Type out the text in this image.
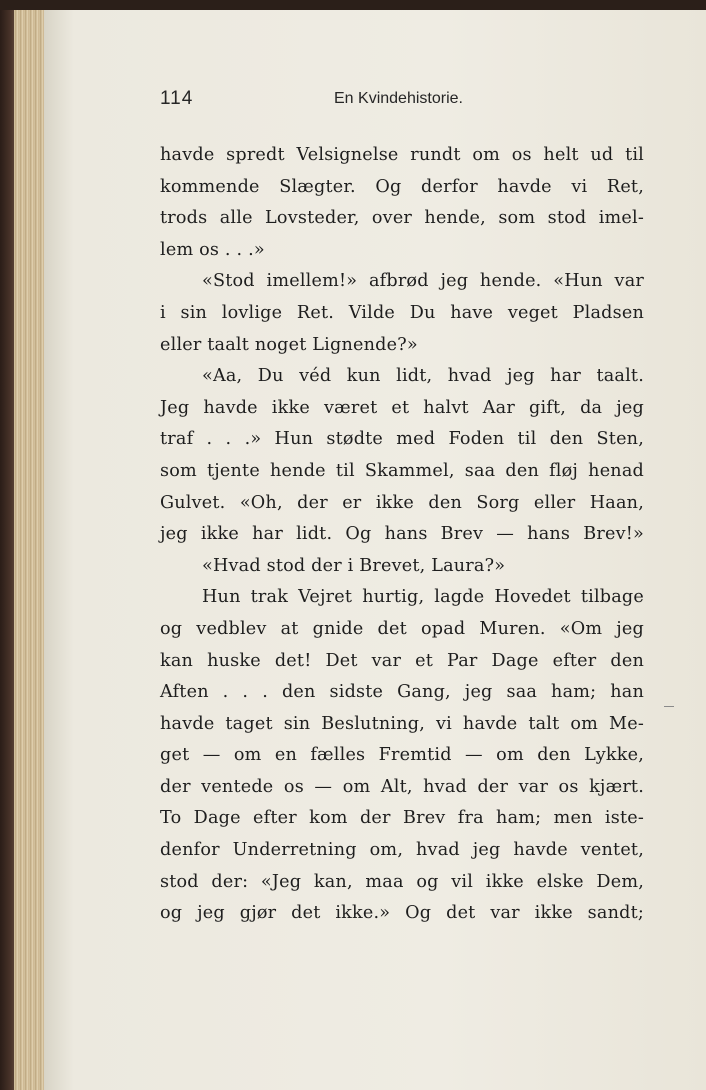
114	En Kvindehistorie.
havde spredt Velsignelse rundt om os helt ud til
kommende Slægter. Og derfor havde vi Ret,
trods alle Lovsteder, over hende, som stod imel-
lem os . . .»
«Stod imellem!» afbrød jeg hende. «Hun var
i sin lovlige Ret. Vilde Du have veget Pladsen
eller taalt noget Lignende?»
«Aa, Du véd kun lidt, hvad jeg har taalt.
Jeg havde ikke været et halvt Aar gift, da jeg
traf . . .» Hun stødte med Foden til den Sten,
som tjente hende til Skammel, saa den fløj henad
Gulvet. «Oh, der er ikke den Sorg eller Haan,
jeg ikke har lidt. Og hans Brev — hans Brev!»
«Hvad stod der i Brevet, Laura?»
Hun trak Vejret hurtig, lagde Hovedet tilbage
og vedblev at gnide det opad Muren. «Om jeg
kan huske det! Det var et Par Dage efter den
Aften . . . den sidste Gang, jeg saa ham; han
havde taget sin Beslutning, vi havde talt om Me-
get — om en fælles Fremtid — om den Lykke,
der ventede os — om Alt, hvad der var os kjært.
To Dage efter kom der Brev fra ham; men iste-
denfor Underretning om, hvad jeg havde ventet,
stod der: «Jeg kan, maa og vil ikke elske Dem,
og jeg gjør det ikke.» Og det var ikke sandt;
